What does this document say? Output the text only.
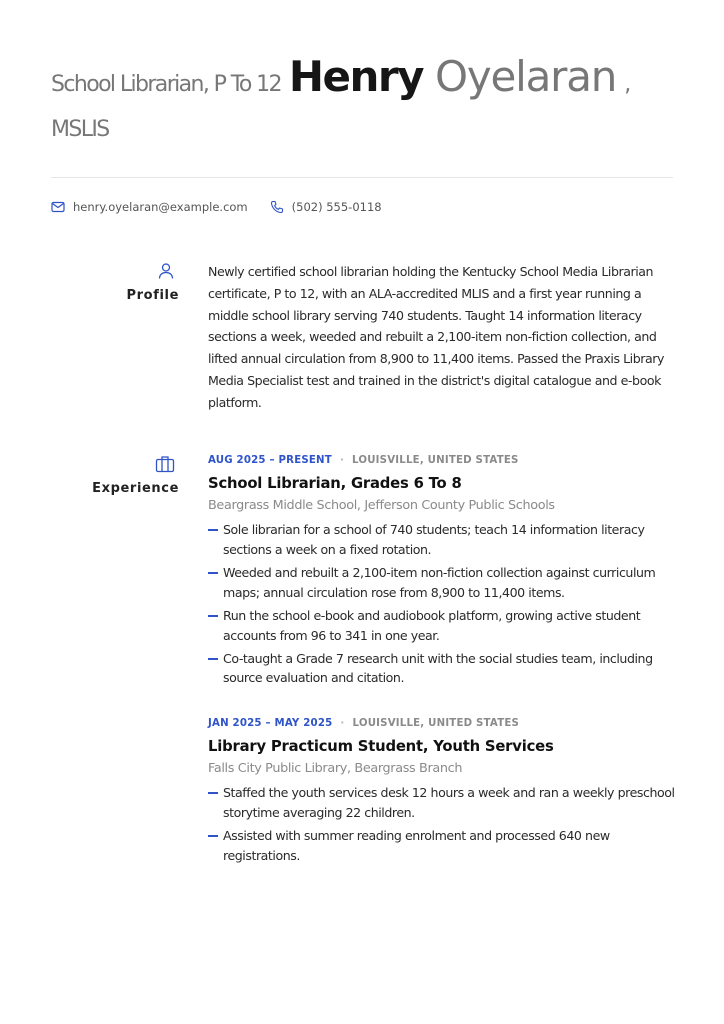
School Librarian, P To 12 Henry Oyelaran ,
MSLIS
henry.oyelaran@example.com	(502) 555-0118
Profile
Newly certified school librarian holding the Kentucky School Media Librarian certificate, P to 12, with an ALA-accredited MLIS and a first year running a middle school library serving 740 students. Taught 14 information literacy sections a week, weeded and rebuilt a 2,100-item non-fiction collection, and lifted annual circulation from 8,900 to 11,400 items. Passed the Praxis Library Media Specialist test and trained in the district's digital catalogue and e-book platform.
Experience
AUG 2025 – PRESENT · LOUISVILLE, UNITED STATES
School Librarian, Grades 6 To 8
Beargrass Middle School, Jefferson County Public Schools
Sole librarian for a school of 740 students; teach 14 information literacy sections a week on a fixed rotation.
Weeded and rebuilt a 2,100-item non-fiction collection against curriculum maps; annual circulation rose from 8,900 to 11,400 items.
Run the school e-book and audiobook platform, growing active student accounts from 96 to 341 in one year.
Co-taught a Grade 7 research unit with the social studies team, including source evaluation and citation.
JAN 2025 – MAY 2025 · LOUISVILLE, UNITED STATES
Library Practicum Student, Youth Services
Falls City Public Library, Beargrass Branch
Staffed the youth services desk 12 hours a week and ran a weekly preschool storytime averaging 22 children.
Assisted with summer reading enrolment and processed 640 new registrations.
